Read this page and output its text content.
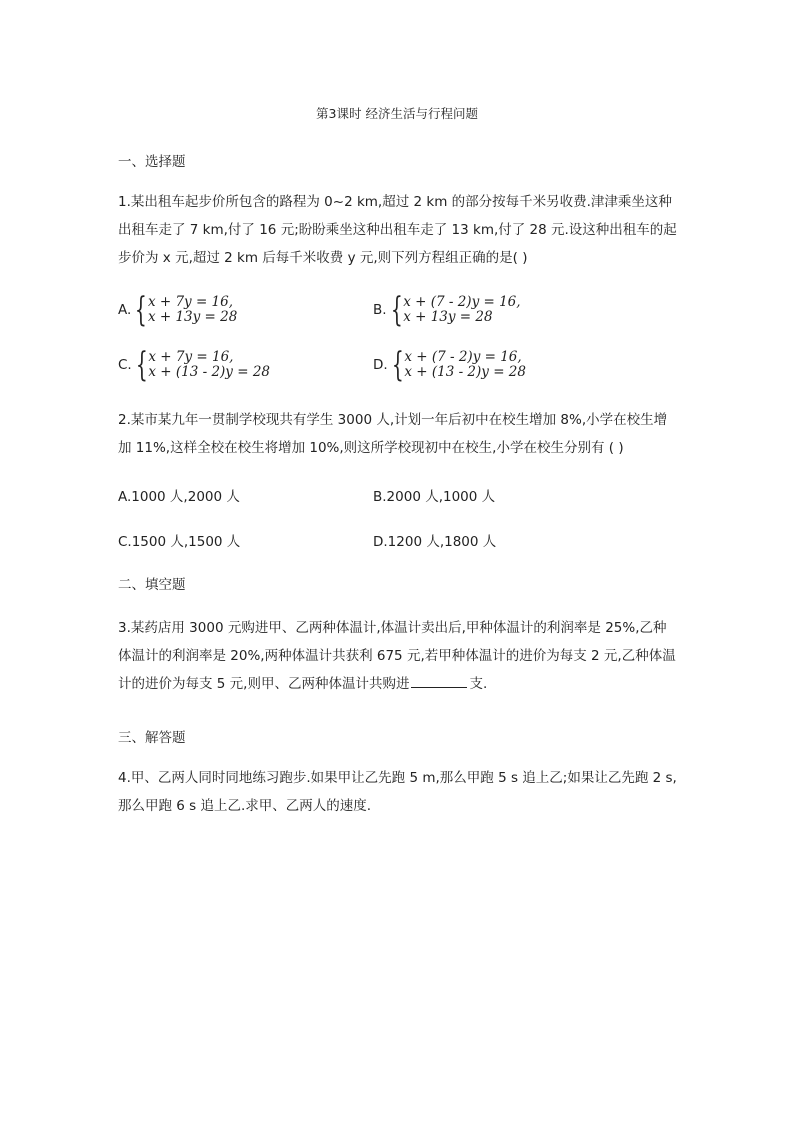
第3课时 经济生活与行程问题
一、选择题
1.某出租车起步价所包含的路程为 0~2 km,超过 2 km 的部分按每千米另收费.津津乘坐这种
出租车走了 7 km,付了 16 元;盼盼乘坐这种出租车走了 13 km,付了 28 元.设这种出租车的起
步价为 x 元,超过 2 km 后每千米收费 y 元,则下列方程组正确的是( )
A. { x + 7y = 16,
x + 13y = 28	B. { x + (7 - 2)y = 16,
x + 13y = 28
C. { x + 7y = 16,
x + (13 - 2)y = 28	D. { x + (7 - 2)y = 16,
x + (13 - 2)y = 28
2.某市某九年一贯制学校现共有学生 3000 人,计划一年后初中在校生增加 8%,小学在校生增
加 11%,这样全校在校生将增加 10%,则这所学校现初中在校生,小学在校生分别有 ( )
A.1000 人,2000 人	B.2000 人,1000 人
C.1500 人,1500 人	D.1200 人,1800 人
二、填空题
3.某药店用 3000 元购进甲、乙两种体温计,体温计卖出后,甲种体温计的利润率是 25%,乙种
体温计的利润率是 20%,两种体温计共获利 675 元,若甲种体温计的进价为每支 2 元,乙种体温
计的进价为每支 5 元,则甲、乙两种体温计共购进	支.
三、解答题
4.甲、乙两人同时同地练习跑步.如果甲让乙先跑 5 m,那么甲跑 5 s 追上乙;如果让乙先跑 2 s,
那么甲跑 6 s 追上乙.求甲、乙两人的速度.
